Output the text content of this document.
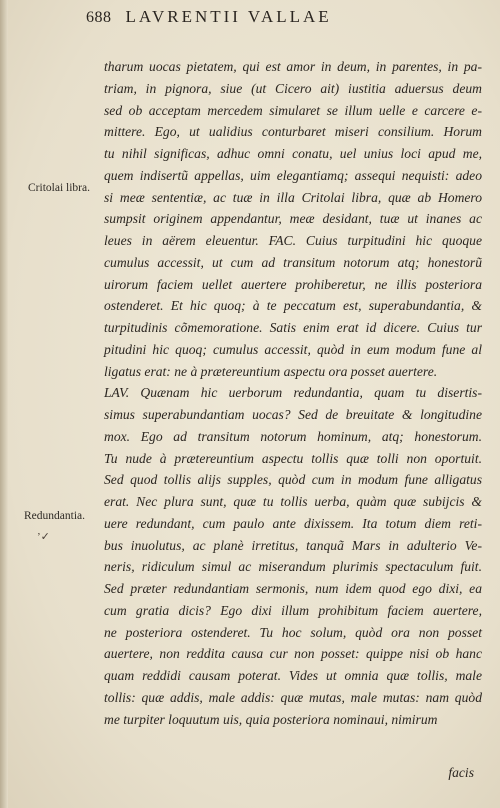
688 LAVRENTII VALLAE
Critolai libra.
Redundantia.
ʼ✓
tharum uocas pietatem, qui est amor in deum, in parentes, in pa-
triam, in pignora, siue (ut Cicero ait) iustitia aduersus deum
sed ob acceptam mercedem simularet se illum uelle e carcere e-
mittere. Ego, ut ualidius conturbaret miseri consilium. Horum
tu nihil significas, adhuc omni conatu, uel unius loci apud me,
quem indisertũ appellas, uim elegantiamq; assequi nequisti: adeo
si meæ sententiæ, ac tuæ in illa Critolai libra, quæ ab Homero
sumpsit originem appendantur, meæ desidant, tuæ ut inanes ac
leues in aërem eleuentur. FAC. Cuius turpitudini hic quoque
cumulus accessit, ut cum ad transitum notorum atq; honestorũ
uirorum faciem uellet auertere prohiberetur, ne illis posteriora
ostenderet. Et hic quoq; à te peccatum est, superabundantia, &
turpitudinis cõmemoratione. Satis enim erat id dicere. Cuius tur
pitudini hic quoq; cumulus accessit, quòd in eum modum fune al
ligatus erat: ne à prætereuntium aspectu ora posset auertere.
LAV. Quænam hic uerborum redundantia, quam tu disertis-
simus superabundantiam uocas? Sed de breuitate & longitudine
mox. Ego ad transitum notorum hominum, atq; honestorum.
Tu nude à prætereuntium aspectu tollis quæ tolli non oportuit.
Sed quod tollis alijs supples, quòd cum in modum fune alligatus
erat. Nec plura sunt, quæ tu tollis uerba, quàm quæ subijcis &
uere redundant, cum paulo ante dixissem. Ita totum diem reti-
bus inuolutus, ac planè irretitus, tanquã Mars in adulterio Ve-
neris, ridiculum simul ac miserandum plurimis spectaculum fuit.
Sed præter redundantiam sermonis, num idem quod ego dixi, ea
cum gratia dicis? Ego dixi illum prohibitum faciem auertere,
ne posteriora ostenderet. Tu hoc solum, quòd ora non posset
auertere, non reddita causa cur non posset: quippe nisi ob hanc
quam reddidi causam poterat. Vides ut omnia quæ tollis, male
tollis: quæ addis, male addis: quæ mutas, male mutas: nam quòd
me turpiter loquutum uis, quia posteriora nominaui, nimirum
facis
